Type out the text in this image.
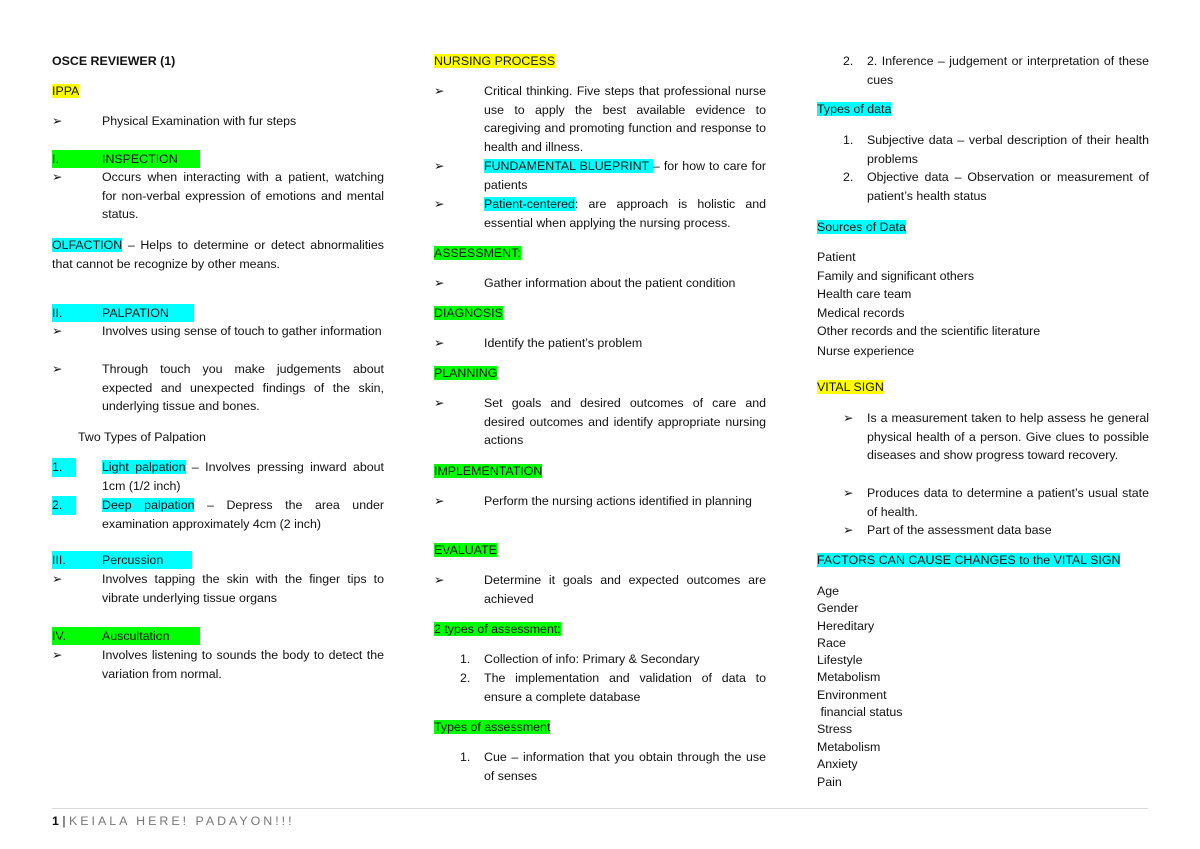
OSCE REVIEWER (1)
IPPA
➢	Physical Examination with fur steps
I.	INSPECTION
➢	Occurs when interacting with a patient, watching for non-verbal expression of emotions and mental status.
OLFACTION – Helps to determine or detect abnormalities that cannot be recognize by other means.
II.	PALPATION
➢	Involves using sense of touch to gather information
➢	Through touch you make judgements about expected and unexpected findings of the skin, underlying tissue and bones.
Two Types of Palpation
1.	Light palpation – Involves pressing inward about 1cm (1/2 inch)
2.	Deep palpation – Depress the area under examination approximately 4cm (2 inch)
III.	Percussion
➢	Involves tapping the skin with the finger tips to vibrate underlying tissue organs
IV.	Auscultation
➢	Involves listening to sounds the body to detect the variation from normal.
NURSING PROCESS
➢	Critical thinking. Five steps that professional nurse use to apply the best available evidence to caregiving and promoting function and response to health and illness.
➢	FUNDAMENTAL BLUEPRINT – for how to care for patients
➢	Patient-centered: are approach is holistic and essential when applying the nursing process.
ASSESSMENT:
➢	Gather information about the patient condition
DIAGNOSIS
➢	Identify the patient’s problem
PLANNING
➢	Set goals and desired outcomes of care and desired outcomes and identify appropriate nursing actions
IMPLEMENTATION
➢	Perform the nursing actions identified in planning
EVALUATE
➢	Determine it goals and expected outcomes are achieved
2 types of assessment:
1.	Collection of info: Primary & Secondary
2.	The implementation and validation of data to ensure a complete database
Types of assessment
1.	Cue – information that you obtain through the use of senses
2.	2. Inference – judgement or interpretation of these cues
Types of data
1.	Subjective data – verbal description of their health problems
2.	Objective data – Observation or measurement of patient’s health status
Sources of Data
Patient
Family and significant others
Health care team
Medical records
Other records and the scientific literature
Nurse experience
VITAL SIGN
➢	Is a measurement taken to help assess he general physical health of a person. Give clues to possible diseases and show progress toward recovery.
➢	Produces data to determine a patient’s usual state of health.
➢	Part of the assessment data base
FACTORS CAN CAUSE CHANGES to the VITAL SIGN
Age
Gender
Hereditary
Race
Lifestyle
Metabolism
Environment
financial status
Stress
Metabolism
Anxiety
Pain
1 | KEIALA HERE! PADAYON!!!
